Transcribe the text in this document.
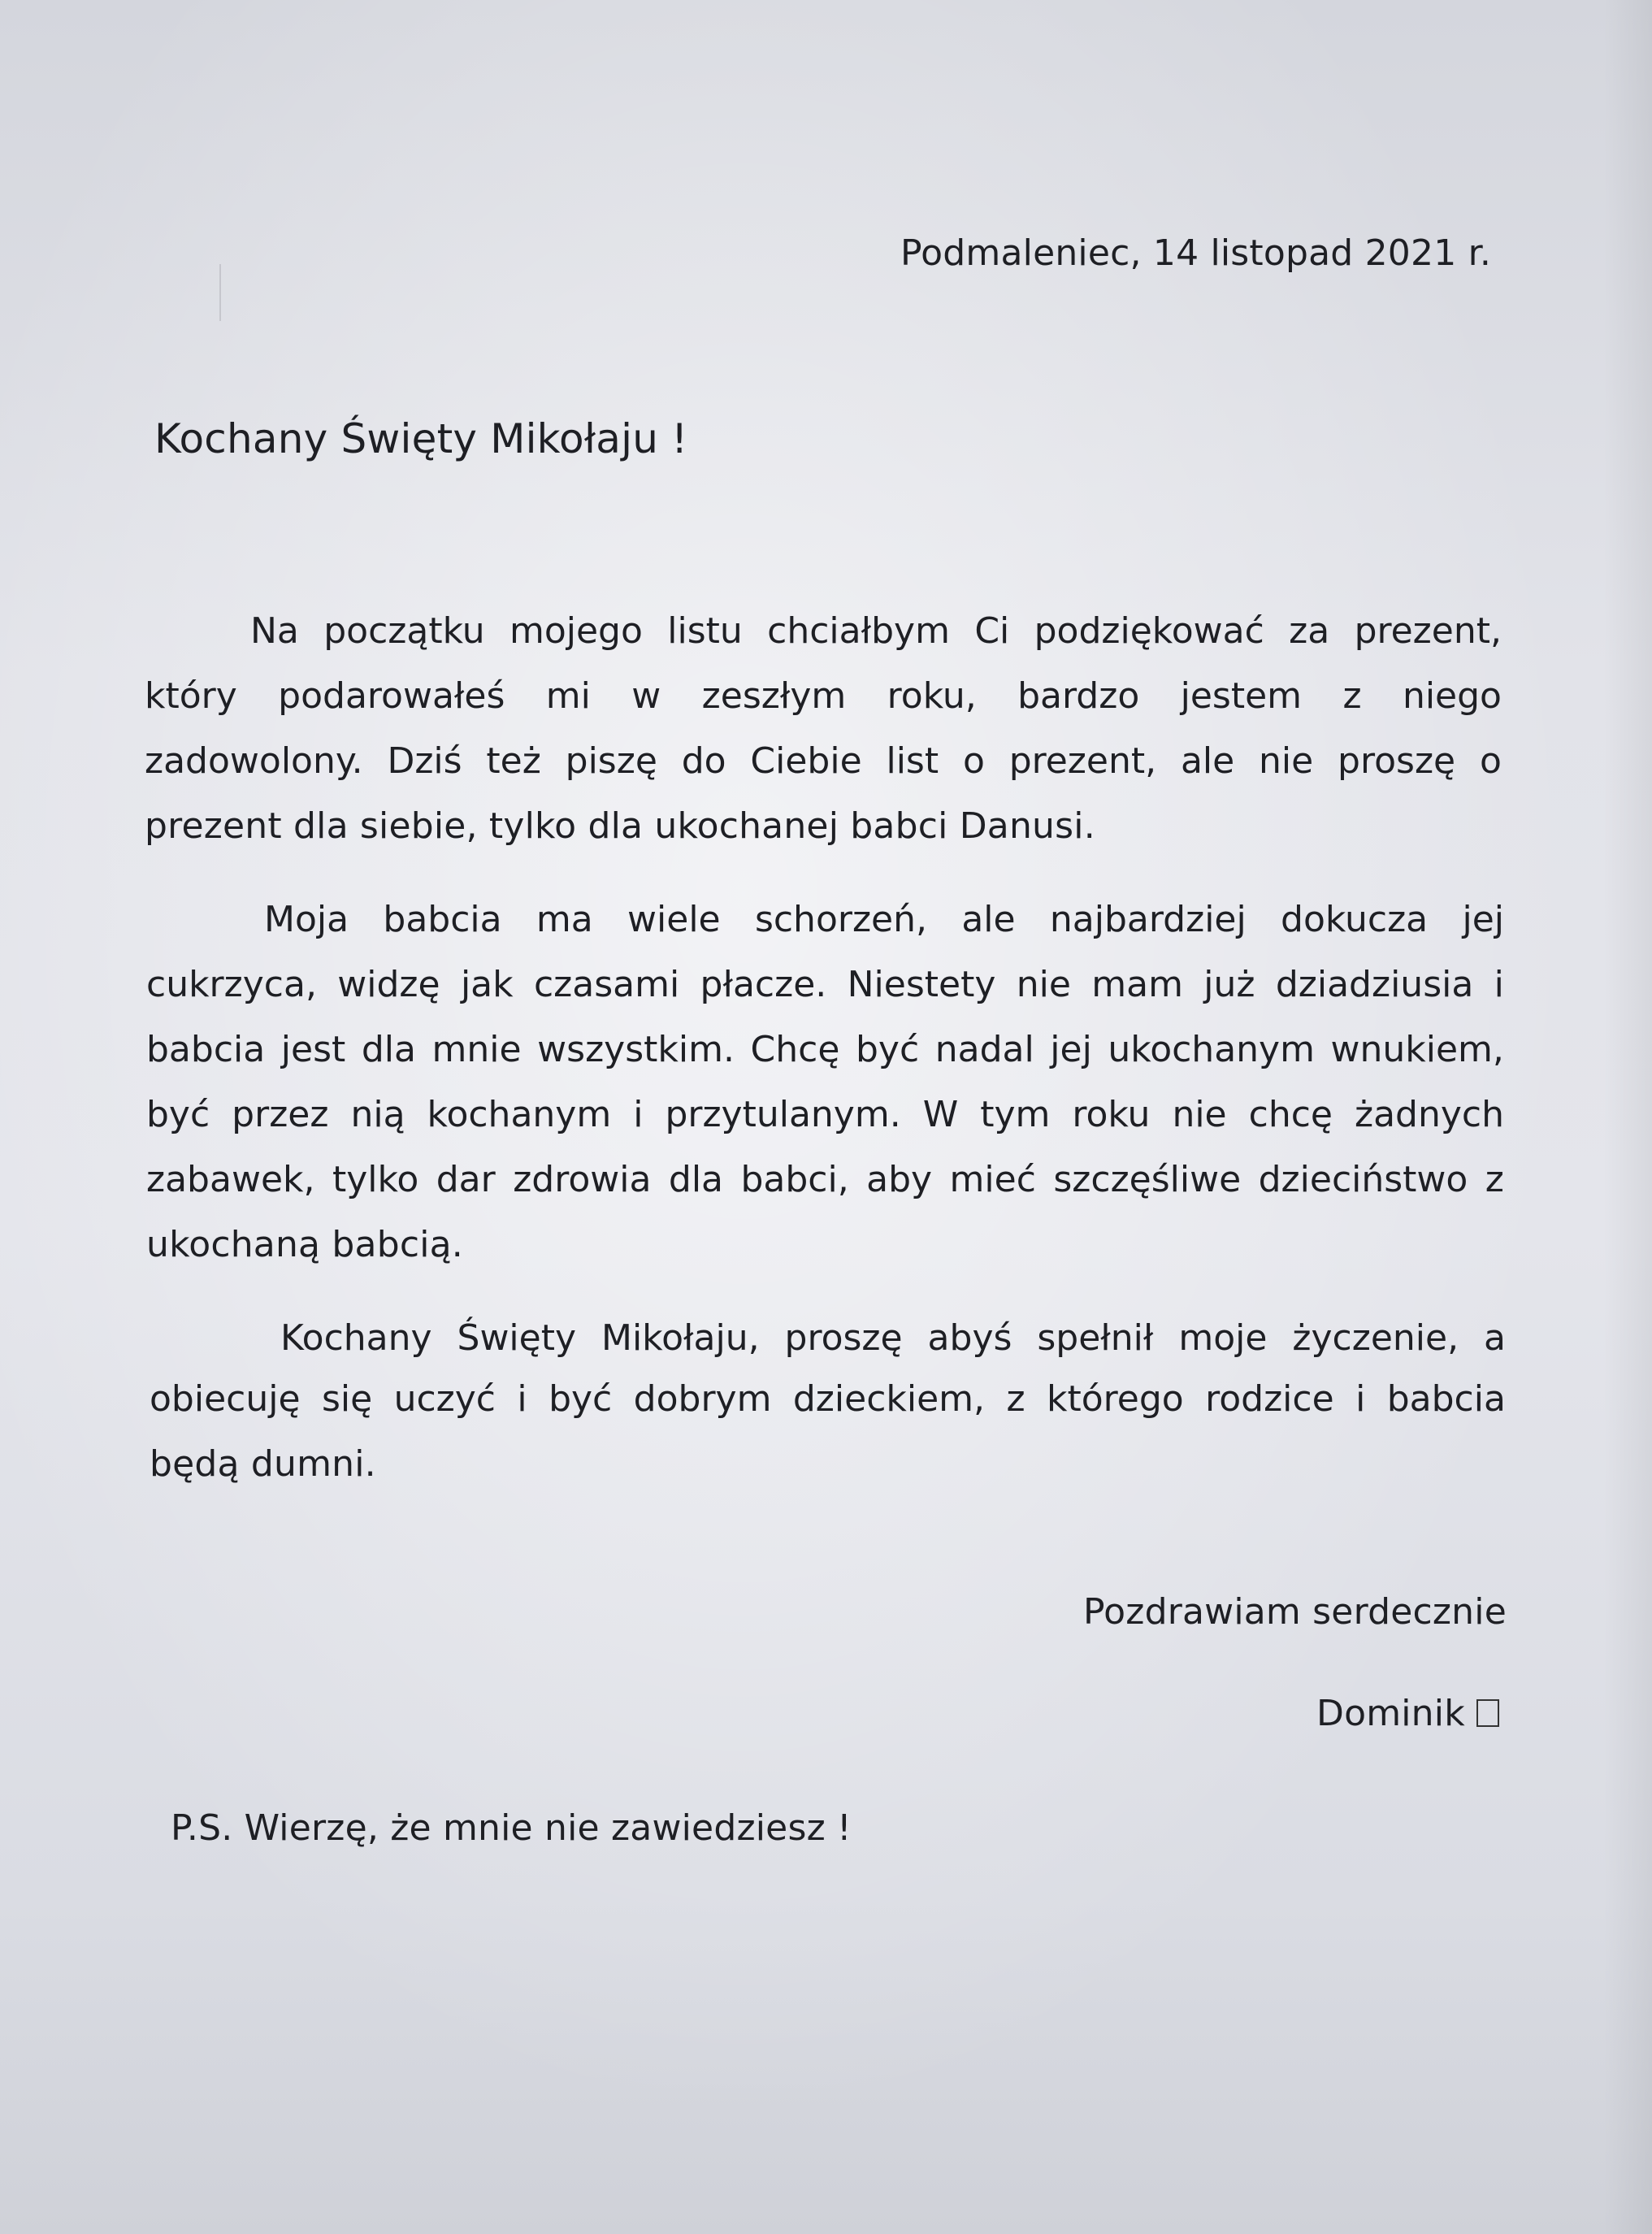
Podmaleniec, 14 listopad 2021 r.
Kochany Święty Mikołaju !
Na początku mojego listu chciałbym Ci podziękować za prezent,
który podarowałeś mi w zeszłym roku, bardzo jestem z niego
zadowolony. Dziś też piszę do Ciebie list o prezent, ale nie proszę o
prezent dla siebie, tylko dla ukochanej babci Danusi.
Moja babcia ma wiele schorzeń, ale najbardziej dokucza jej
cukrzyca, widzę jak czasami płacze. Niestety nie mam już dziadziusia i
babcia jest dla mnie wszystkim. Chcę być nadal jej ukochanym wnukiem,
być przez nią kochanym i przytulanym. W tym roku nie chcę żadnych
zabawek, tylko dar zdrowia dla babci, aby mieć szczęśliwe dzieciństwo z
ukochaną babcią.
Kochany Święty Mikołaju, proszę abyś spełnił moje życzenie, a
obiecuję się uczyć i być dobrym dzieckiem, z którego rodzice i babcia
będą dumni.
Pozdrawiam serdecznie
Dominik
P.S. Wierzę, że mnie nie zawiedziesz !
